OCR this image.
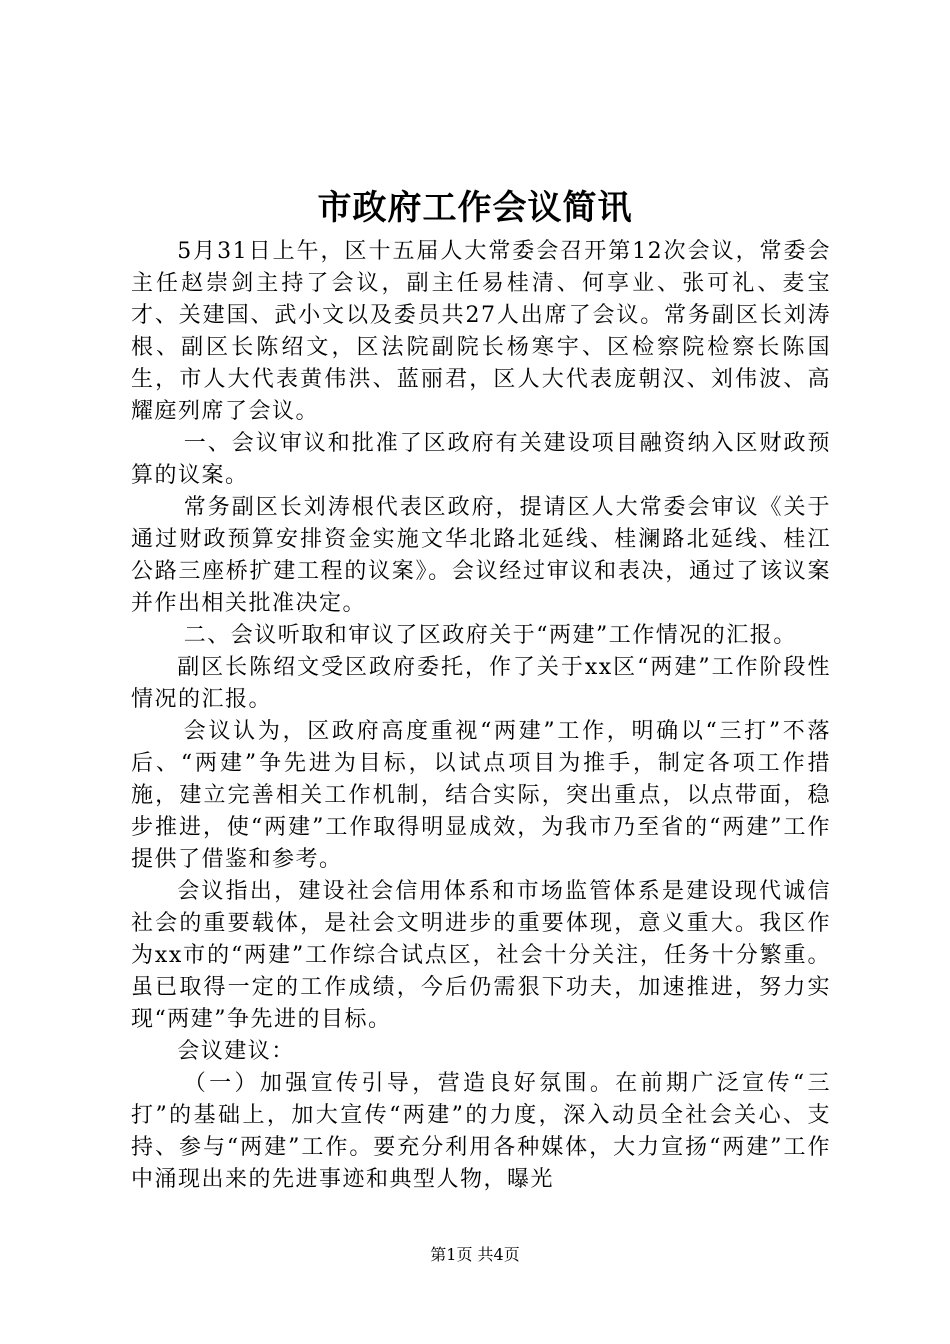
市政府工作会议简讯

5月31日上午，区十五届人大常委会召开第12次会议，常委会主任赵崇剑主持了会议，副主任易桂清、何享业、张可礼、麦宝才、关建国、武小文以及委员共27人出席了会议。常务副区长刘涛根、副区长陈绍文，区法院副院长杨寒宇、区检察院检察长陈国生，市人大代表黄伟洪、蓝丽君，区人大代表庞朝汉、刘伟波、高耀庭列席了会议。

一、会议审议和批准了区政府有关建设项目融资纳入区财政预算的议案。

常务副区长刘涛根代表区政府，提请区人大常委会审议《关于通过财政预算安排资金实施文华北路北延线、桂澜路北延线、桂江公路三座桥扩建工程的议案》。会议经过审议和表决，通过了该议案并作出相关批准决定。

二、会议听取和审议了区政府关于“两建”工作情况的汇报。

副区长陈绍文受区政府委托，作了关于xx区“两建”工作阶段性情况的汇报。

会议认为，区政府高度重视“两建”工作，明确以“三打”不落后、“两建”争先进为目标，以试点项目为推手，制定各项工作措施，建立完善相关工作机制，结合实际，突出重点，以点带面，稳步推进，使“两建”工作取得明显成效，为我市乃至省的“两建”工作提供了借鉴和参考。

会议指出，建设社会信用体系和市场监管体系是建设现代诚信社会的重要载体，是社会文明进步的重要体现，意义重大。我区作为xx市的“两建”工作综合试点区，社会十分关注，任务十分繁重。虽已取得一定的工作成绩，今后仍需狠下功夫，加速推进，努力实现“两建”争先进的目标。

会议建议：

（一）加强宣传引导，营造良好氛围。在前期广泛宣传“三打”的基础上，加大宣传“两建”的力度，深入动员全社会关心、支持、参与“两建”工作。要充分利用各种媒体，大力宣扬“两建”工作中涌现出来的先进事迹和典型人物，曝光

第1页 共4页
